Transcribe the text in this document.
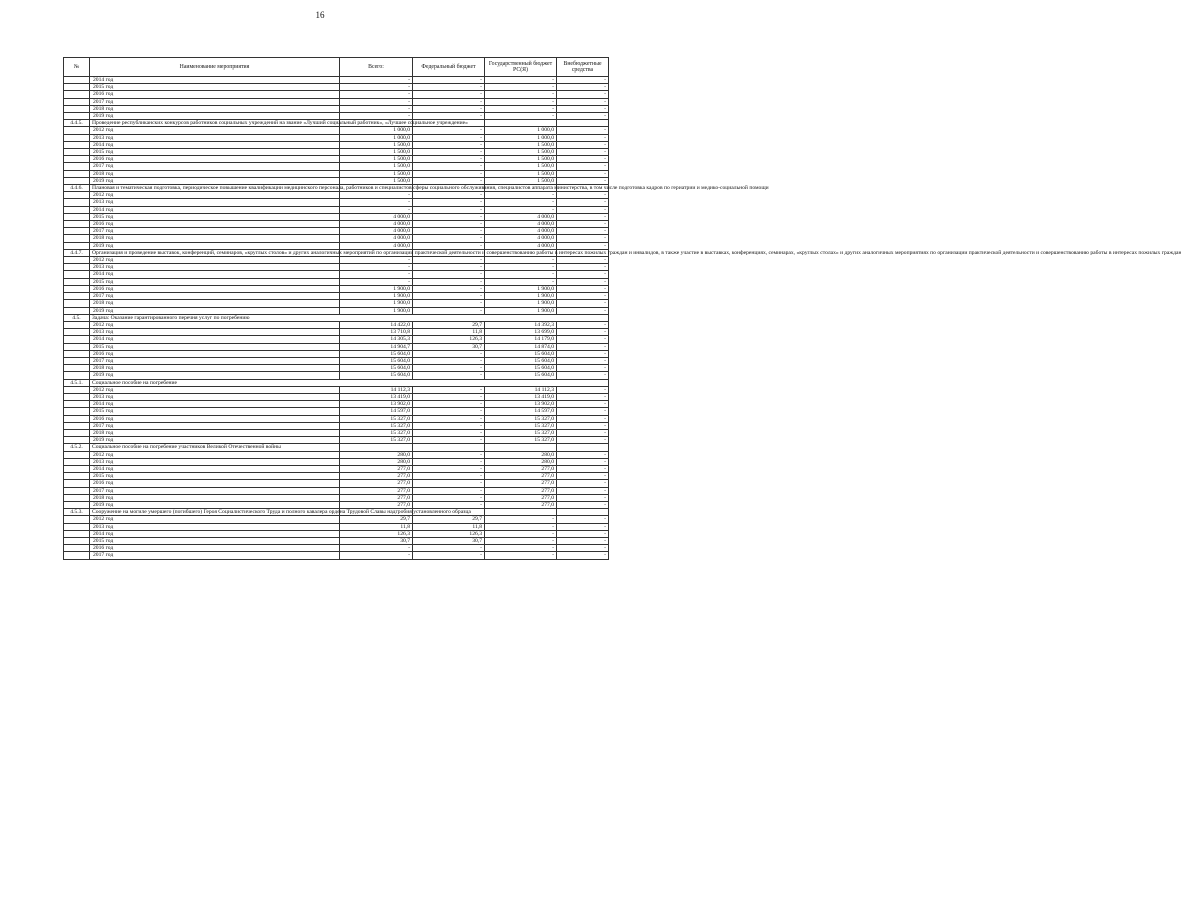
16
№	Наименование мероприятия	Всего:	Федеральный бюджет	Государственный бюджет РС(Я)	Внебюджетные средства
	2014 год	-	-	-	-
	2015 год	-	-	-	-
	2016 год	-	-	-	-
	2017 год	-	-	-	-
	2018 год	-	-	-	-
	2019 год	-	-	-	-
4.4.5.	Проведение республиканских конкурсов работников социальных учреждений на звание «Лучший социальный работник», «Лучшее социальное учреждение»				
	2012 год	1 000,0	-	1 000,0	-
	2013 год	1 000,0	-	1 000,0	-
	2014 год	1 500,0	-	1 500,0	-
	2015 год	1 500,0	-	1 500,0	-
	2016 год	1 500,0	-	1 500,0	-
	2017 год	1 500,0	-	1 500,0	-
	2018 год	1 500,0	-	1 500,0	-
	2019 год	1 500,0	-	1 500,0	-
4.4.6.	Плановая и тематическая подготовка, периодическое повышение квалификации медицинского персонала, работников и специалистов сферы социального обслуживания, специалистов аппарата министерства, в том числе подготовка кадров по гериатрии и медико-социальной помощи				
	2012 год	-	-	-	-
	2013 год	-	-	-	-
	2014 год	-	-	-	-
	2015 год	4 000,0	-	4 000,0	-
	2016 год	4 000,0	-	4 000,0	-
	2017 год	4 000,0	-	4 000,0	-
	2018 год	4 000,0	-	4 000,0	-
	2019 год	4 000,0	-	4 000,0	-
4.4.7.	Организация и проведение выставок, конференций, семинаров, «круглых столов» и других аналогичных мероприятий по организации практической деятельности и совершенствованию работы в интересах пожилых граждан и инвалидов, в также участие в выставках, конференциях, семинарах, «круглых столах» и других аналогичных мероприятиях по организации практической деятельности и совершенствованию работы в интересах пожилых граждан				
	2012 год	-	-	-	-
	2013 год	-	-	-	-
	2014 год	-	-	-	-
	2015 год	-	-	-	-
	2016 год	1 900,0	-	1 900,0	-
	2017 год	1 900,0	-	1 900,0	-
	2018 год	1 900,0	-	1 900,0	-
	2019 год	1 900,0	-	1 900,0	-
4.5.	Задача: Оказание гарантированного перечня услуг по погребению				
	2012 год	14 422,0	29,7	14 392,3	-
	2013 год	13 710,8	11,8	13 699,0	-
	2014 год	14 305,3	126,3	14 179,0	-
	2015 год	14 904,7	30,7	14 874,0	-
	2016 год	15 604,0	-	15 604,0	-
	2017 год	15 604,0	-	15 604,0	-
	2018 год	15 604,0	-	15 604,0	-
	2019 год	15 604,0	-	15 604,0	-
4.5.1.	Социальное пособие на погребение				
	2012 год	14 112,3	-	14 112,3	-
	2013 год	13 419,0	-	13 419,0	-
	2014 год	13 902,0	-	13 902,0	-
	2015 год	14 597,0	-	14 597,0	-
	2016 год	15 327,0	-	15 327,0	-
	2017 год	15 327,0	-	15 327,0	-
	2018 год	15 327,0	-	15 327,0	-
	2019 год	15 327,0	-	15 327,0	-
4.5.2.	Социальное пособие на погребение участников Великой Отечественной войны				
	2012 год	280,0	-	280,0	-
	2013 год	280,0	-	280,0	-
	2014 год	277,0	-	277,0	-
	2015 год	277,0	-	277,0	-
	2016 год	277,0	-	277,0	-
	2017 год	277,0	-	277,0	-
	2018 год	277,0	-	277,0	-
	2019 год	277,0	-	277,0	-
4.5.3.	Сооружение на могиле умершего (погибшего) Героя Социалистического Труда и полного кавалера ордена Трудовой Славы надгробия установленного образца				
	2012 год	29,7	29,7	-	-
	2013 год	11,8	11,8	-	-
	2014 год	126,3	126,3	-	-
	2015 год	30,7	30,7	-	-
	2016 год	-	-	-	-
	2017 год	-	-	-	-
